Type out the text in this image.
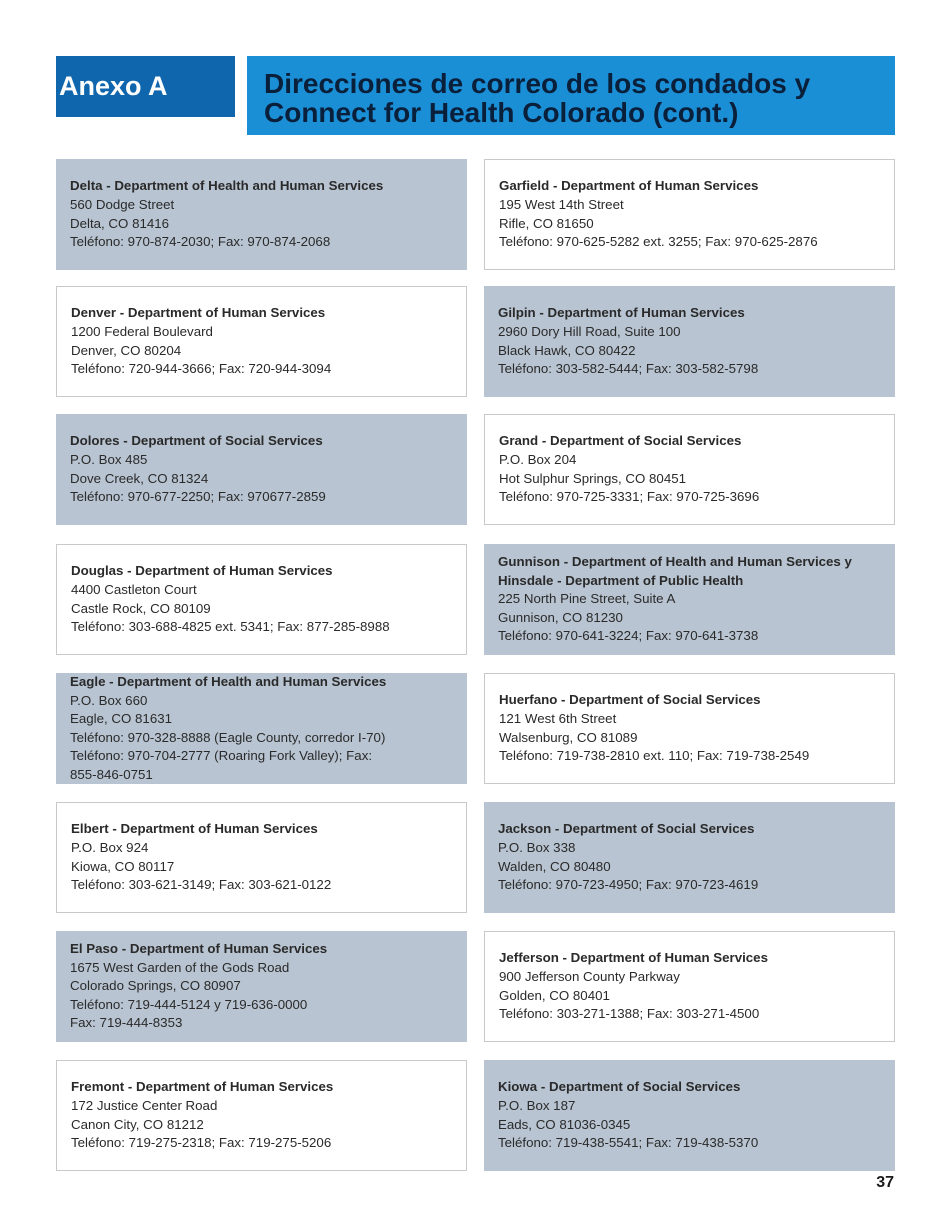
Anexo A	Direcciones de correo de los condados y
Connect for Health Colorado (cont.)
Delta - Department of Health and Human Services
560 Dodge Street
Delta, CO 81416
Teléfono: 970-874-2030; Fax: 970-874-2068
Denver - Department of Human Services
1200 Federal Boulevard
Denver, CO 80204
Teléfono: 720-944-3666; Fax: 720-944-3094
Dolores - Department of Social Services
P.O. Box 485
Dove Creek, CO 81324
Teléfono: 970-677-2250; Fax: 970677-2859
Douglas - Department of Human Services
4400 Castleton Court
Castle Rock, CO 80109
Teléfono: 303-688-4825 ext. 5341; Fax: 877-285-8988
Eagle - Department of Health and Human Services
P.O. Box 660
Eagle, CO 81631
Teléfono: 970-328-8888 (Eagle County, corredor I-70)
Teléfono: 970-704-2777 (Roaring Fork Valley); Fax:
855-846-0751
Elbert - Department of Human Services
P.O. Box 924
Kiowa, CO 80117
Teléfono: 303-621-3149; Fax: 303-621-0122
El Paso - Department of Human Services
1675 West Garden of the Gods Road
Colorado Springs, CO 80907
Teléfono: 719-444-5124 y 719-636-0000
Fax: 719-444-8353
Fremont - Department of Human Services
172 Justice Center Road
Canon City, CO 81212
Teléfono: 719-275-2318; Fax: 719-275-5206
Garfield - Department of Human Services
195 West 14th Street
Rifle, CO 81650
Teléfono: 970-625-5282 ext. 3255; Fax: 970-625-2876
Gilpin - Department of Human Services
2960 Dory Hill Road, Suite 100
Black Hawk, CO 80422
Teléfono: 303-582-5444; Fax: 303-582-5798
Grand - Department of Social Services
P.O. Box 204
Hot Sulphur Springs, CO 80451
Teléfono: 970-725-3331; Fax: 970-725-3696
Gunnison - Department of Health and Human Services y
Hinsdale - Department of Public Health
225 North Pine Street, Suite A
Gunnison, CO 81230
Teléfono: 970-641-3224; Fax: 970-641-3738
Huerfano - Department of Social Services
121 West 6th Street
Walsenburg, CO 81089
Teléfono: 719-738-2810 ext. 110; Fax: 719-738-2549
Jackson - Department of Social Services
P.O. Box 338
Walden, CO 80480
Teléfono: 970-723-4950; Fax: 970-723-4619
Jefferson - Department of Human Services
900 Jefferson County Parkway
Golden, CO 80401
Teléfono: 303-271-1388; Fax: 303-271-4500
Kiowa - Department of Social Services
P.O. Box 187
Eads, CO 81036-0345
Teléfono: 719-438-5541; Fax: 719-438-5370
37
